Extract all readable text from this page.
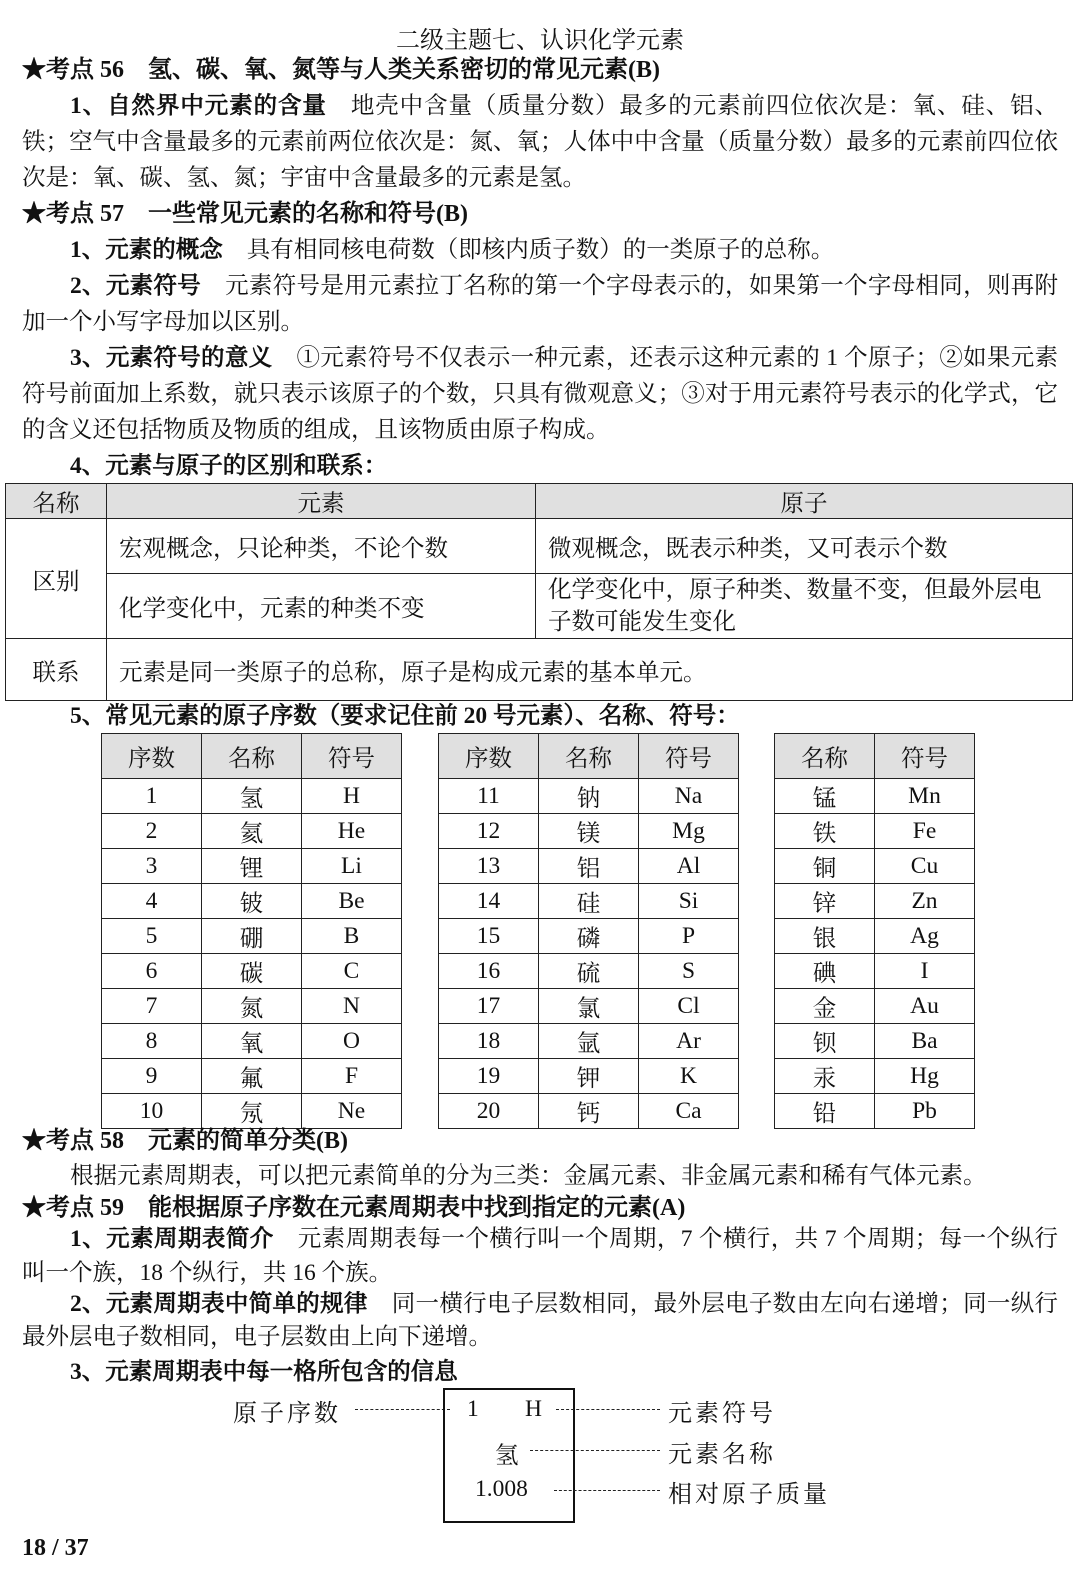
二级主题七、认识化学元素
★考点 56　氢、碳、氧、氮等与人类关系密切的常见元素(B)
1、自然界中元素的含量 地壳中含量（质量分数）最多的元素前四位依次是：氧、硅、铝、铁；空气中含量最多的元素前两位依次是：氮、氧；人体中中含量（质量分数）最多的元素前四位依次是：氧、碳、氢、氮；宇宙中含量最多的元素是氢。
★考点 57　一些常见元素的名称和符号(B)
1、元素的概念 具有相同核电荷数（即核内质子数）的一类原子的总称。
2、元素符号 元素符号是用元素拉丁名称的第一个字母表示的，如果第一个字母相同，则再附加一个小写字母加以区别。
3、元素符号的意义 ①元素符号不仅表示一种元素，还表示这种元素的 1 个原子；②如果元素符号前面加上系数，就只表示该原子的个数，只具有微观意义；③对于用元素符号表示的化学式，它的含义还包括物质及物质的组成，且该物质由原子构成。
4、元素与原子的区别和联系：
名称	元素	原子
区别	宏观概念，只论种类，不论个数	微观概念，既表示种类，又可表示个数
	化学变化中，元素的种类不变	化学变化中，原子种类、数量不变，但最外层电子数可能发生变化
联系	元素是同一类原子的总称，原子是构成元素的基本单元。	
5、常见元素的原子序数（要求记住前 20 号元素）、名称、符号：
序数	名称	符号
1	氢	H
2	氦	He
3	锂	Li
4	铍	Be
5	硼	B
6	碳	C
7	氮	N
8	氧	O
9	氟	F
10	氖	Ne
序数	名称	符号
11	钠	Na
12	镁	Mg
13	铝	Al
14	硅	Si
15	磷	P
16	硫	S
17	氯	Cl
18	氩	Ar
19	钾	K
20	钙	Ca
名称	符号
锰	Mn
铁	Fe
铜	Cu
锌	Zn
银	Ag
碘	I
金	Au
钡	Ba
汞	Hg
铅	Pb
★考点 58　元素的简单分类(B)
根据元素周期表，可以把元素简单的分为三类：金属元素、非金属元素和稀有气体元素。
★考点 59　能根据原子序数在元素周期表中找到指定的元素(A)
1、元素周期表简介 元素周期表每一个横行叫一个周期，7 个横行，共 7 个周期；每一个纵行叫一个族，18 个纵行，共 16 个族。
2、元素周期表中简单的规律 同一横行电子层数相同，最外层电子数由左向右递增；同一纵行最外层电子数相同，电子层数由上向下递增。
3、元素周期表中每一格所包含的信息
原子序数	1 H
氢
1.008
元素符号
元素名称
相对原子质量
18 / 37
